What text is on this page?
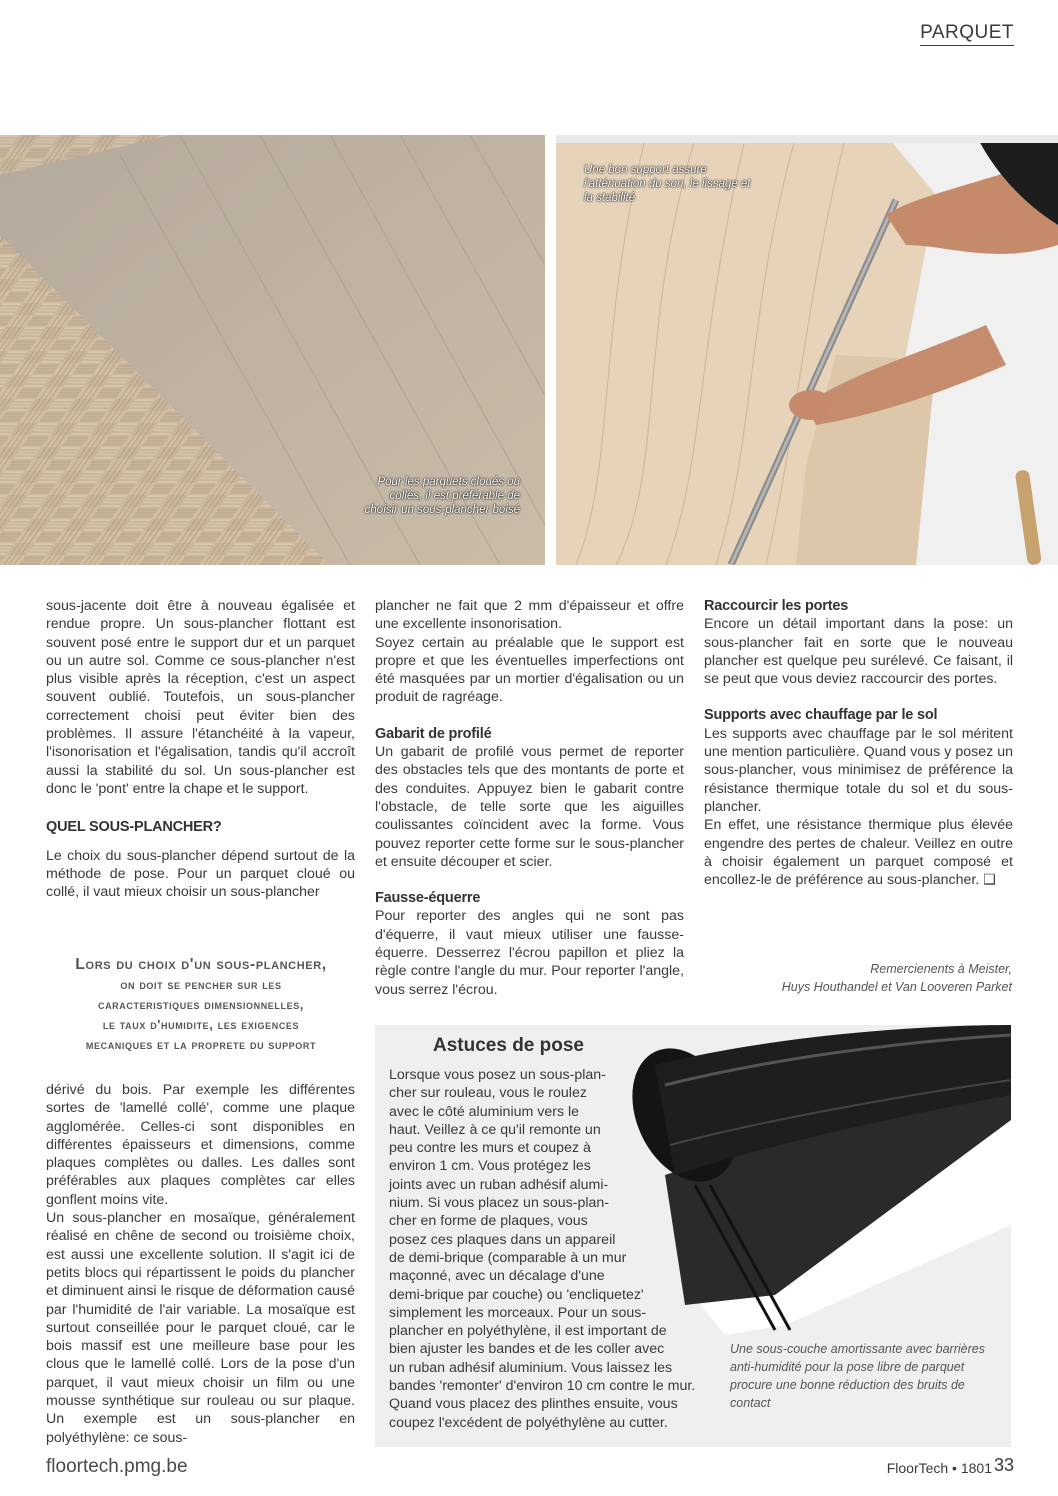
PARQUET
Pour les parquets cloués ou
collés, il est préférable de
choisir un sous-plancher boisé
Une bon support assure
l'atténuation du son, le lissage et
la stabilité

sous-jacente doit être à nouveau égalisée et rendue propre. Un sous-plancher flottant est souvent posé entre le support dur et un parquet ou un autre sol. Comme ce sous-plancher n'est plus visible après la réception, c'est un aspect souvent oublié. Toutefois, un sous-plancher correctement choisi peut éviter bien des problèmes. Il assure l'étanchéité à la vapeur, l'isonorisation et l'égalisation, tandis qu'il accroît aussi la stabilité du sol. Un sous-plancher est donc le 'pont' entre la chape et le support.

QUEL SOUS-PLANCHER?

Le choix du sous-plancher dépend surtout de la méthode de pose. Pour un parquet cloué ou collé, il vaut mieux choisir un sous-plancher

Lors du choix d'un sous-plancher,
on doit se pencher sur les
caracteristiques dimensionnelles,
le taux d'humidite, les exigences
mecaniques et la proprete du support

dérivé du bois. Par exemple les différentes sortes de 'lamellé collé', comme une plaque agglomérée. Celles-ci sont disponibles en différentes épaisseurs et dimensions, comme plaques complètes ou dalles. Les dalles sont préférables aux plaques complètes car elles gonflent moins vite.

Un sous-plancher en mosaïque, généralement réalisé en chêne de second ou troisième choix, est aussi une excellente solution. Il s'agit ici de petits blocs qui répartissent le poids du plancher et diminuent ainsi le risque de déformation causé par l'humidité de l'air variable. La mosaïque est surtout conseillée pour le parquet cloué, car le bois massif est une meilleure base pour les clous que le lamellé collé. Lors de la pose d'un parquet, il vaut mieux choisir un film ou une mousse synthétique sur rouleau ou sur plaque. Un exemple est un sous-plancher en polyéthylène: ce sous-

plancher ne fait que 2 mm d'épaisseur et offre une excellente insonorisation.

Soyez certain au préalable que le support est propre et que les éventuelles imperfections ont été masquées par un mortier d'égalisation ou un produit de ragréage.

Gabarit de profilé

Un gabarit de profilé vous permet de reporter des obstacles tels que des montants de porte et des conduites. Appuyez bien le gabarit contre l'obstacle, de telle sorte que les aiguilles coulissantes coïncident avec la forme. Vous pouvez reporter cette forme sur le sous-plancher et ensuite découper et scier.

Fausse-équerre

Pour reporter des angles qui ne sont pas d'équerre, il vaut mieux utiliser une fausse-équerre. Desserrez l'écrou papillon et pliez la règle contre l'angle du mur. Pour reporter l'angle, vous serrez l'écrou.

Raccourcir les portes

Encore un détail important dans la pose: un sous-plancher fait en sorte que le nouveau plancher est quelque peu surélevé. Ce faisant, il se peut que vous deviez raccourcir des portes.

Supports avec chauffage par le sol

Les supports avec chauffage par le sol méritent une mention particulière. Quand vous y posez un sous-plancher, vous minimisez de préférence la résistance thermique totale du sol et du sous-plancher.

En effet, une résistance thermique plus élevée engendre des pertes de chaleur. Veillez en outre à choisir également un parquet composé et encollez-le de préférence au sous-plancher. ❑

Remercienents à Meister,
Huys Houthandel et Van Looveren Parket
Astuces de pose
Lorsque vous posez un sous-plan-
cher sur rouleau, vous le roulez
avec le côté aluminium vers le
haut. Veillez à ce qu'il remonte un
peu contre les murs et coupez à
environ 1 cm. Vous protégez les
joints avec un ruban adhésif alumi-
nium. Si vous placez un sous-plan-
cher en forme de plaques, vous
posez ces plaques dans un appareil
de demi-brique (comparable à un mur
maçonné, avec un décalage d'une
demi-brique par couche) ou 'encliquetez'
simplement les morceaux. Pour un sous-
plancher en polyéthylène, il est important de
bien ajuster les bandes et de les coller avec
un ruban adhésif aluminium. Vous laissez les
bandes 'remonter' d'environ 10 cm contre le mur.
Quand vous placez des plinthes ensuite, vous
coupez l'excédent de polyéthylène au cutter.
Une sous-couche amortissante avec barrières anti-humidité pour la pose libre de parquet procure une bonne réduction des bruits de contact
floortech.pmg.be	FloorTech • 1801 33
